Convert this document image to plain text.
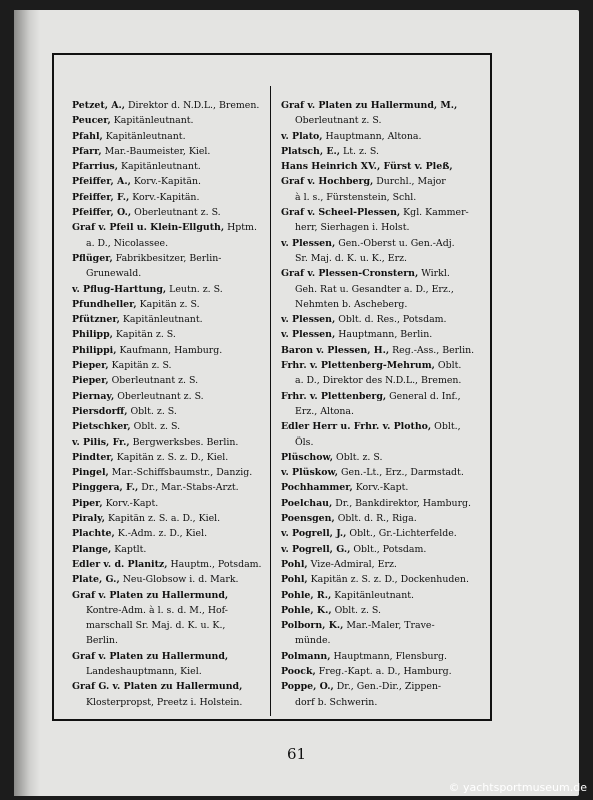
Petzet, A., Direktor d. N.D.L., Bremen.
Peucer, Kapitänleutnant.
Pfahl, Kapitänleutnant.
Pfarr, Mar.-Baumeister, Kiel.
Pfarrius, Kapitänleutnant.
Pfeiffer, A., Korv.-Kapitän.
Pfeiffer, F., Korv.-Kapitän.
Pfeiffer, O., Oberleutnant z. S.
Graf v. Pfeil u. Klein-Ellguth, Hptm.
a. D., Nicolassee.
Pflüger, Fabrikbesitzer, Berlin-
Grunewald.
v. Pflug-Harttung, Leutn. z. S.
Pfundheller, Kapitän z. S.
Pfützner, Kapitänleutnant.
Philipp, Kapitän z. S.
Philippi, Kaufmann, Hamburg.
Pieper, Kapitän z. S.
Pieper, Oberleutnant z. S.
Piernay, Oberleutnant z. S.
Piersdorff, Oblt. z. S.
Pietschker, Oblt. z. S.
v. Pilis, Fr., Bergwerksbes. Berlin.
Pindter, Kapitän z. S. z. D., Kiel.
Pingel, Mar.-Schiffsbaumstr., Danzig.
Pinggera, F., Dr., Mar.-Stabs-Arzt.
Piper, Korv.-Kapt.
Piraly, Kapitän z. S. a. D., Kiel.
Plachte, K.-Adm. z. D., Kiel.
Plange, Kaptlt.
Edler v. d. Planitz, Hauptm., Potsdam.
Plate, G., Neu-Globsow i. d. Mark.
Graf v. Platen zu Hallermund,
Kontre-Adm. à l. s. d. M., Hof-
marschall Sr. Maj. d. K. u. K.,
Berlin.
Graf v. Platen zu Hallermund,
Landeshauptmann, Kiel.
Graf G. v. Platen zu Hallermund,
Klosterpropst, Preetz i. Holstein.
Graf v. Platen zu Hallermund, M.,
Oberleutnant z. S.
v. Plato, Hauptmann, Altona.
Platsch, E., Lt. z. S.
Hans Heinrich XV., Fürst v. Pleß,
Graf v. Hochberg, Durchl., Major
à l. s., Fürstenstein, Schl.
Graf v. Scheel-Plessen, Kgl. Kammer-
herr, Sierhagen i. Holst.
v. Plessen, Gen.-Oberst u. Gen.-Adj.
Sr. Maj. d. K. u. K., Erz.
Graf v. Plessen-Cronstern, Wirkl.
Geh. Rat u. Gesandter a. D., Erz.,
Nehmten b. Ascheberg.
v. Plessen, Oblt. d. Res., Potsdam.
v. Plessen, Hauptmann, Berlin.
Baron v. Plessen, H., Reg.-Ass., Berlin.
Frhr. v. Plettenberg-Mehrum, Oblt.
a. D., Direktor des N.D.L., Bremen.
Frhr. v. Plettenberg, General d. Inf.,
Erz., Altona.
Edler Herr u. Frhr. v. Plotho, Oblt.,
Öls.
Plüschow, Oblt. z. S.
v. Plüskow, Gen.-Lt., Erz., Darmstadt.
Pochhammer, Korv.-Kapt.
Poelchau, Dr., Bankdirektor, Hamburg.
Poensgen, Oblt. d. R., Riga.
v. Pogrell, J., Oblt., Gr.-Lichterfelde.
v. Pogrell, G., Oblt., Potsdam.
Pohl, Vize-Admiral, Erz.
Pohl, Kapitän z. S. z. D., Dockenhuden.
Pohle, R., Kapitänleutnant.
Pohle, K., Oblt. z. S.
Polborn, K., Mar.-Maler, Trave-
münde.
Polmann, Hauptmann, Flensburg.
Poock, Freg.-Kapt. a. D., Hamburg.
Poppe, O., Dr., Gen.-Dir., Zippen-
dorf b. Schwerin.
61
© yachtsportmuseum.de
